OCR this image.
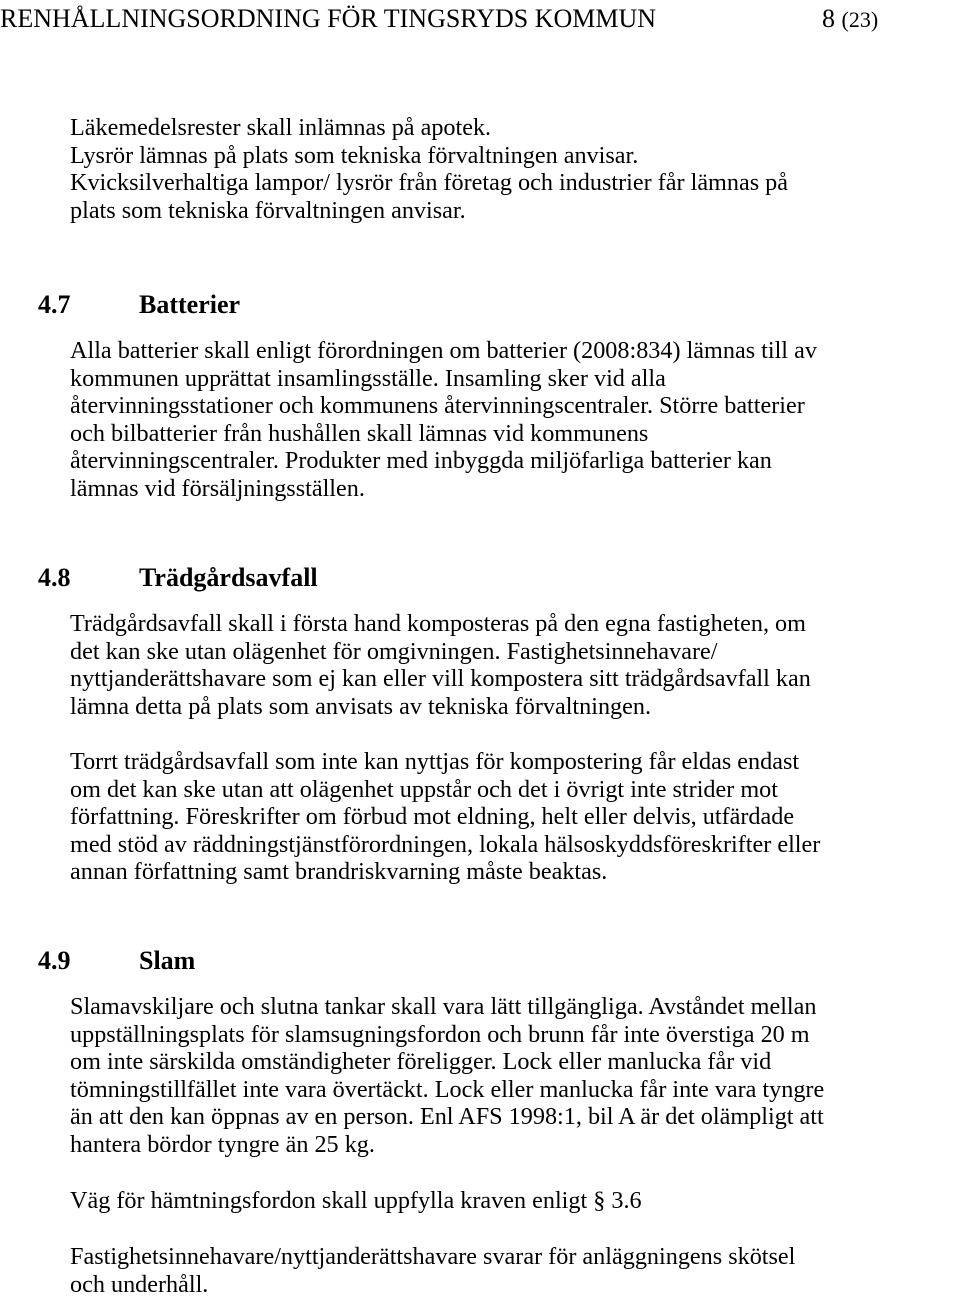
RENHÅLLNINGSORDNING FÖR TINGSRYDS KOMMUN	8 (23)
Läkemedelsrester skall inlämnas på apotek.
Lysrör lämnas på plats som tekniska förvaltningen anvisar.
Kvicksilverhaltiga lampor/ lysrör från företag och industrier får lämnas på
plats som tekniska förvaltningen anvisar.
4.7	Batterier
Alla batterier skall enligt förordningen om batterier (2008:834) lämnas till av
kommunen upprättat insamlingsställe. Insamling sker vid alla
återvinningsstationer och kommunens återvinningscentraler. Större batterier
och bilbatterier från hushållen skall lämnas vid kommunens
återvinningscentraler. Produkter med inbyggda miljöfarliga batterier kan
lämnas vid försäljningsställen.
4.8	Trädgårdsavfall
Trädgårdsavfall skall i första hand komposteras på den egna fastigheten, om
det kan ske utan olägenhet för omgivningen. Fastighetsinnehavare/
nyttjanderättshavare som ej kan eller vill kompostera sitt trädgårdsavfall kan
lämna detta på plats som anvisats av tekniska förvaltningen.
Torrt trädgårdsavfall som inte kan nyttjas för kompostering får eldas endast
om det kan ske utan att olägenhet uppstår och det i övrigt inte strider mot
författning. Föreskrifter om förbud mot eldning, helt eller delvis, utfärdade
med stöd av räddningstjänstförordningen, lokala hälsoskyddsföreskrifter eller
annan författning samt brandriskvarning måste beaktas.
4.9	Slam
Slamavskiljare och slutna tankar skall vara lätt tillgängliga. Avståndet mellan
uppställningsplats för slamsugningsfordon och brunn får inte överstiga 20 m
om inte särskilda omständigheter föreligger. Lock eller manlucka får vid
tömningstillfället inte vara övertäckt. Lock eller manlucka får inte vara tyngre
än att den kan öppnas av en person. Enl AFS 1998:1, bil A är det olämpligt att
hantera bördor tyngre än 25 kg.
Väg för hämtningsfordon skall uppfylla kraven enligt § 3.6
Fastighetsinnehavare/nyttjanderättshavare svarar för anläggningens skötsel
och underhåll.
